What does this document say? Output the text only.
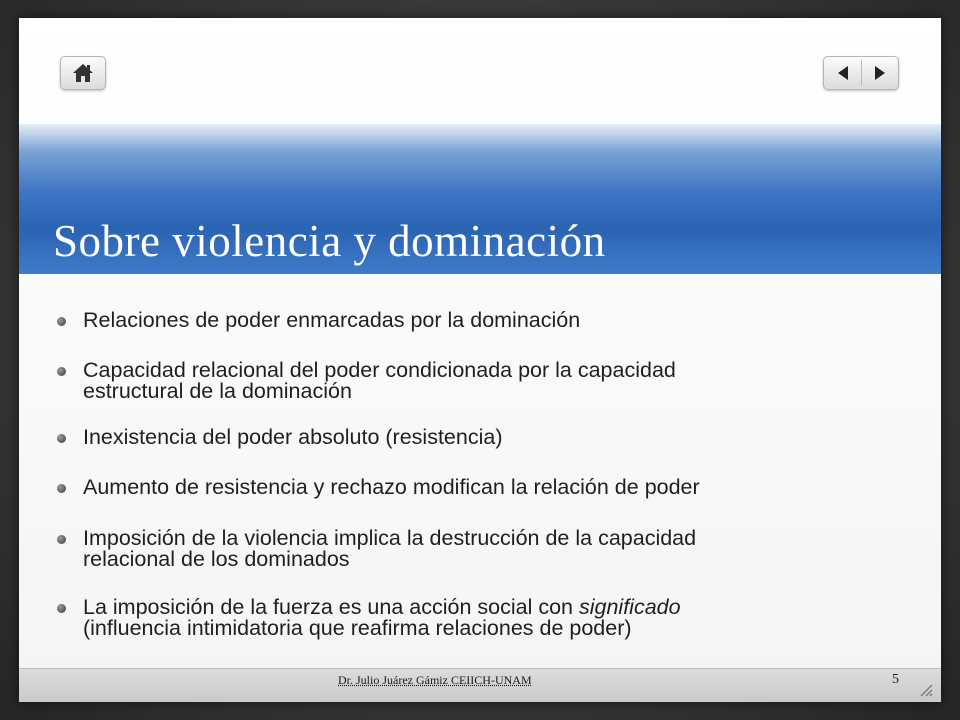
Sobre violencia y dominación
Relaciones de poder enmarcadas por la dominación
Capacidad relacional del poder condicionada por la capacidad
estructural de la dominación
Inexistencia del poder absoluto (resistencia)
Aumento de resistencia y rechazo modifican la relación de poder
Imposición de la violencia implica la destrucción de la capacidad
relacional de los dominados
La imposición de la fuerza es una acción social con significado
(influencia intimidatoria que reafirma relaciones de poder)
Dr. Julio Juárez Gámiz CEIICH-UNAM	5
